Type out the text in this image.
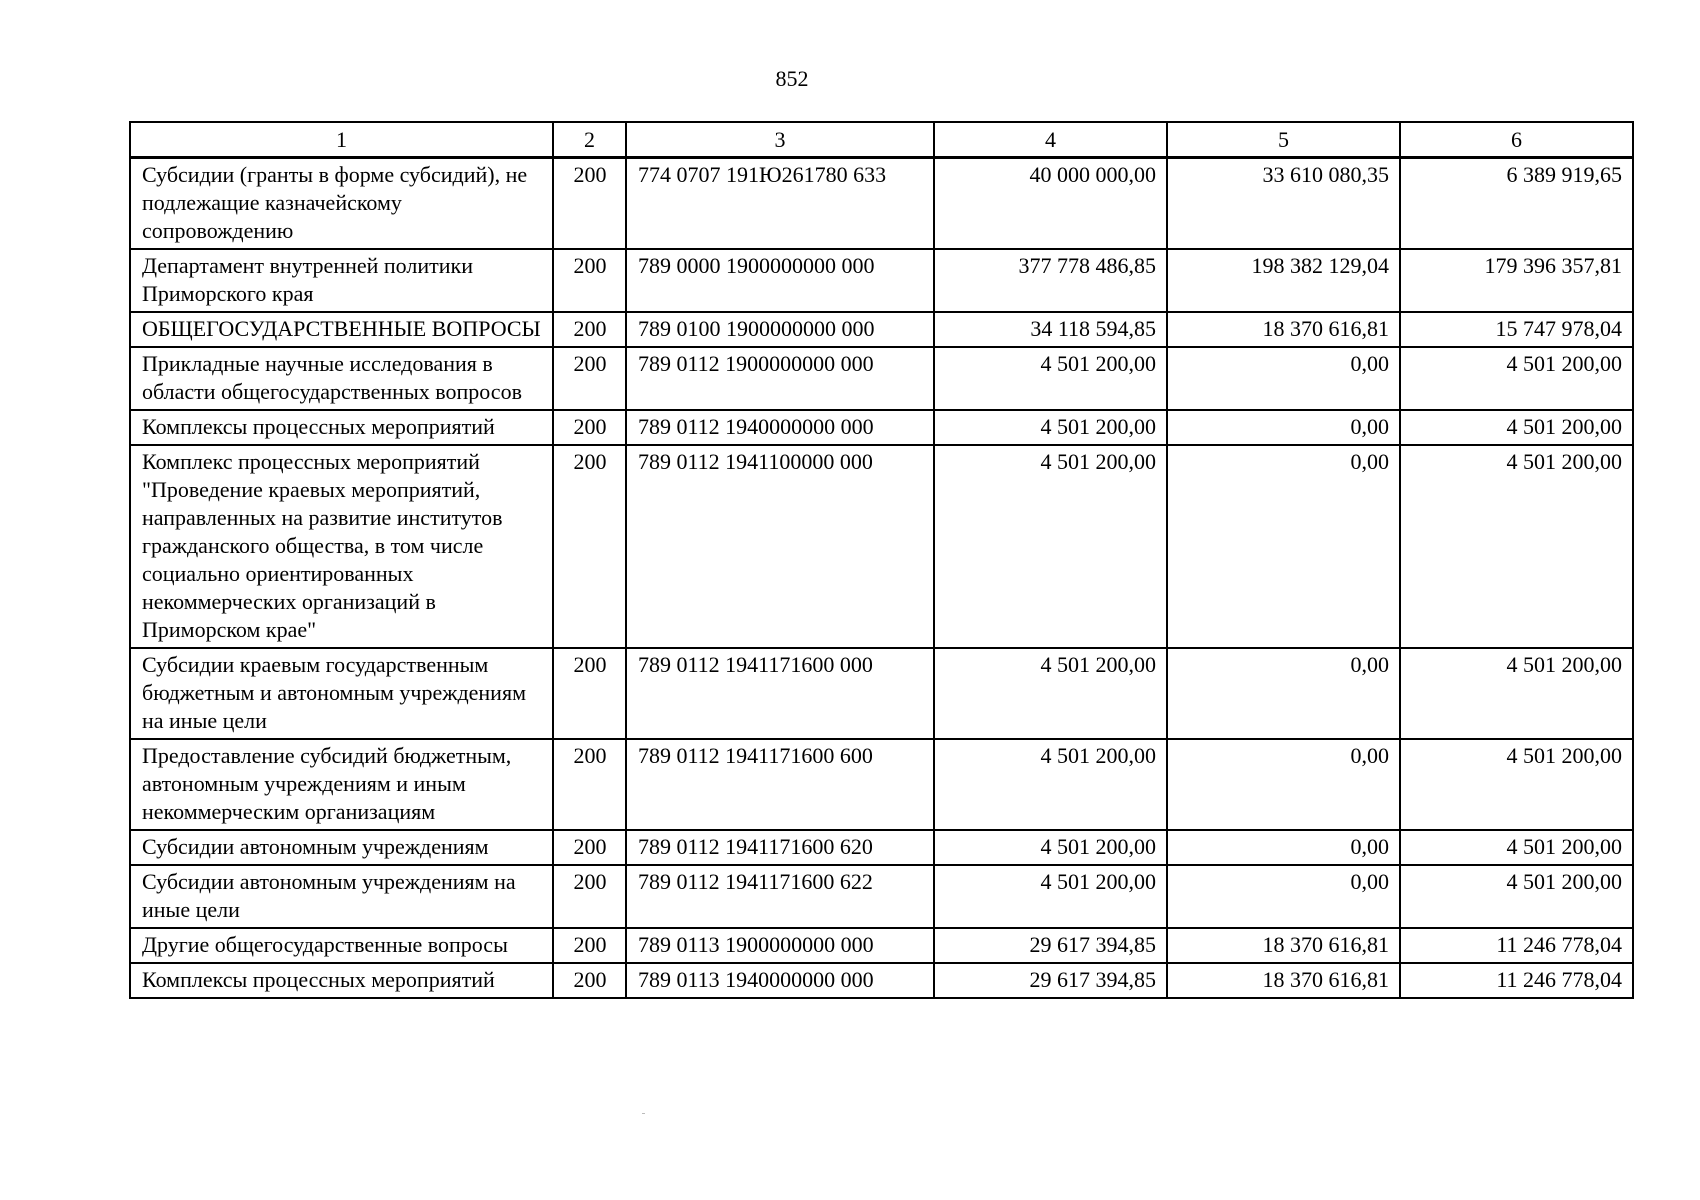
852
1	2	3	4	5	6
Субсидии (гранты в форме субсидий), не подлежащие казначейскому сопровождению	200	774 0707 191Ю261780 633	40 000 000,00	33 610 080,35	6 389 919,65
Департамент внутренней политики Приморского края	200	789 0000 1900000000 000	377 778 486,85	198 382 129,04	179 396 357,81
ОБЩЕГОСУДАРСТВЕННЫЕ ВОПРОСЫ	200	789 0100 1900000000 000	34 118 594,85	18 370 616,81	15 747 978,04
Прикладные научные исследования в области общегосударственных вопросов	200	789 0112 1900000000 000	4 501 200,00	0,00	4 501 200,00
Комплексы процессных мероприятий	200	789 0112 1940000000 000	4 501 200,00	0,00	4 501 200,00
Комплекс процессных мероприятий "Проведение краевых мероприятий, направленных на развитие институтов гражданского общества, в том числе социально ориентированных некоммерческих организаций в Приморском крае"	200	789 0112 1941100000 000	4 501 200,00	0,00	4 501 200,00
Субсидии краевым государственным бюджетным и автономным учреждениям на иные цели	200	789 0112 1941171600 000	4 501 200,00	0,00	4 501 200,00
Предоставление субсидий бюджетным, автономным учреждениям и иным некоммерческим организациям	200	789 0112 1941171600 600	4 501 200,00	0,00	4 501 200,00
Субсидии автономным учреждениям	200	789 0112 1941171600 620	4 501 200,00	0,00	4 501 200,00
Субсидии автономным учреждениям на иные цели	200	789 0112 1941171600 622	4 501 200,00	0,00	4 501 200,00
Другие общегосударственные вопросы	200	789 0113 1900000000 000	29 617 394,85	18 370 616,81	11 246 778,04
Комплексы процессных мероприятий	200	789 0113 1940000000 000	29 617 394,85	18 370 616,81	11 246 778,04
